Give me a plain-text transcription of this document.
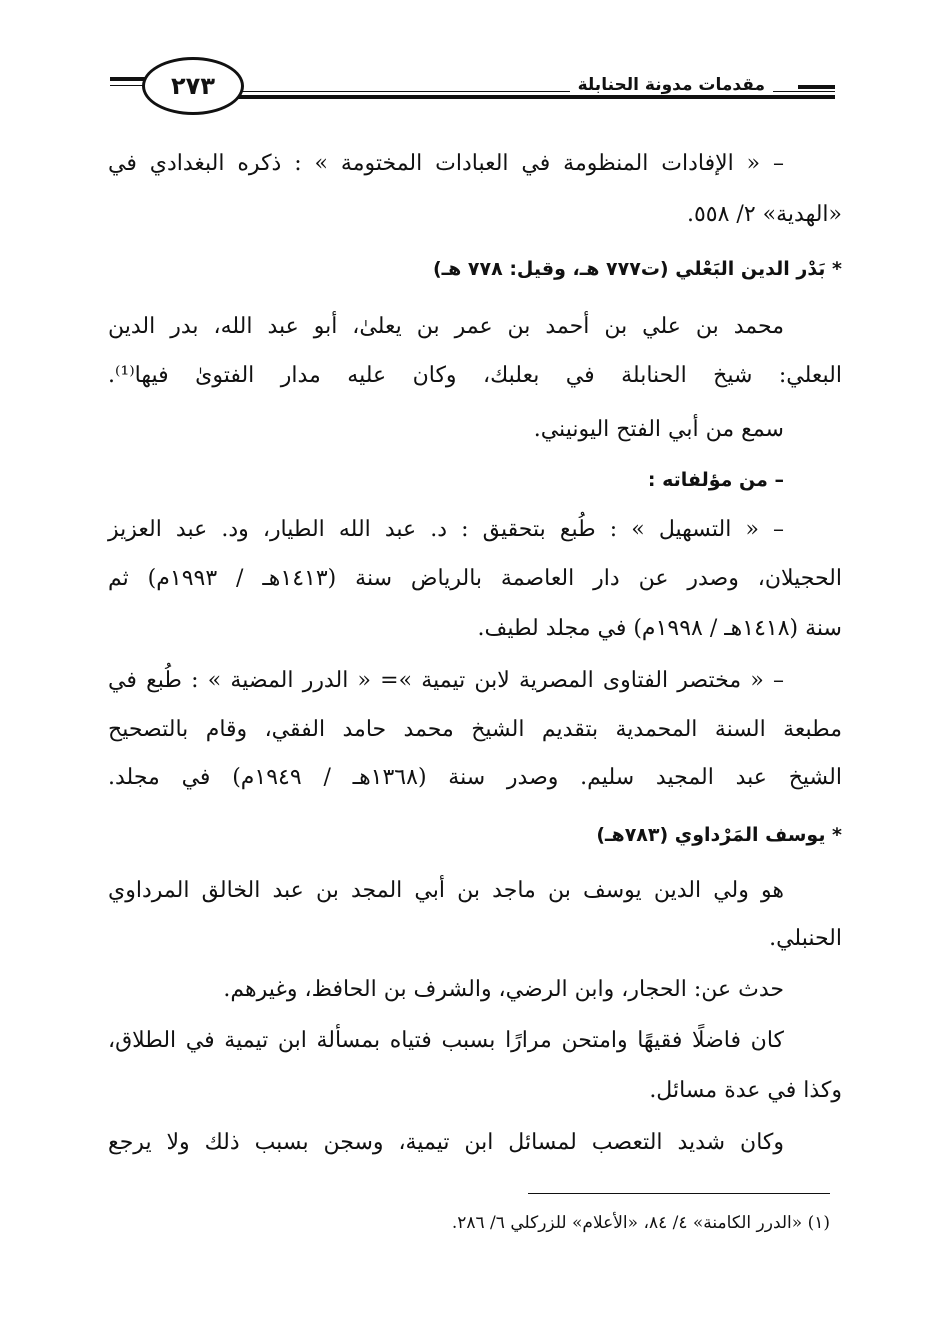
٢٧٣	مقدمات مدونة الحنابلة
– « الإفادات المنظومة في العبادات المختومة » : ذكره البغدادي في
«الهدية» ٢/ ٥٥٨.
* بَدْر الدين البَعْلي (ت٧٧٧ هـ، وقيل: ٧٧٨ هـ)
محمد بن علي بن أحمد بن عمر بن يعلىٰ، أبو عبد الله، بدر الدين
البعلي: شيخ الحنابلة في بعلبك، وكان عليه مدار الفتوىٰ فيها⁽¹⁾.
سمع من أبي الفتح اليونيني.
– من مؤلفاته :
– « التسهيل » : طُبع بتحقيق : د. عبد الله الطيار، ود. عبد العزيز
الحجيلان، وصدر عن دار العاصمة بالرياض سنة (١٤١٣هـ / ١٩٩٣م) ثم
سنة (١٤١٨هـ / ١٩٩٨م) في مجلد لطيف.
– « مختصر الفتاوى المصرية لابن تيمية »= « الدرر المضية » : طُبع في
مطبعة السنة المحمدية بتقديم الشيخ محمد حامد الفقي، وقام بالتصحيح
الشيخ عبد المجيد سليم. وصدر سنة (١٣٦٨هـ / ١٩٤٩م) في مجلد.
* يوسف المَرْداوي (٧٨٣هـ)
هو ولي الدين يوسف بن ماجد بن أبي المجد بن عبد الخالق المرداوي
الحنبلي.
حدث عن: الحجار، وابن الرضي، والشرف بن الحافظ، وغيرهم.
كان فاضلًا فقيهًا وامتحن مرارًا بسبب فتياه بمسألة ابن تيمية في الطلاق،
وكذا في عدة مسائل.
وكان شديد التعصب لمسائل ابن تيمية، وسجن بسبب ذلك ولا يرجع
(١) «الدرر الكامنة» ٤/ ٨٤، «الأعلام» للزركلي ٦/ ٢٨٦.
